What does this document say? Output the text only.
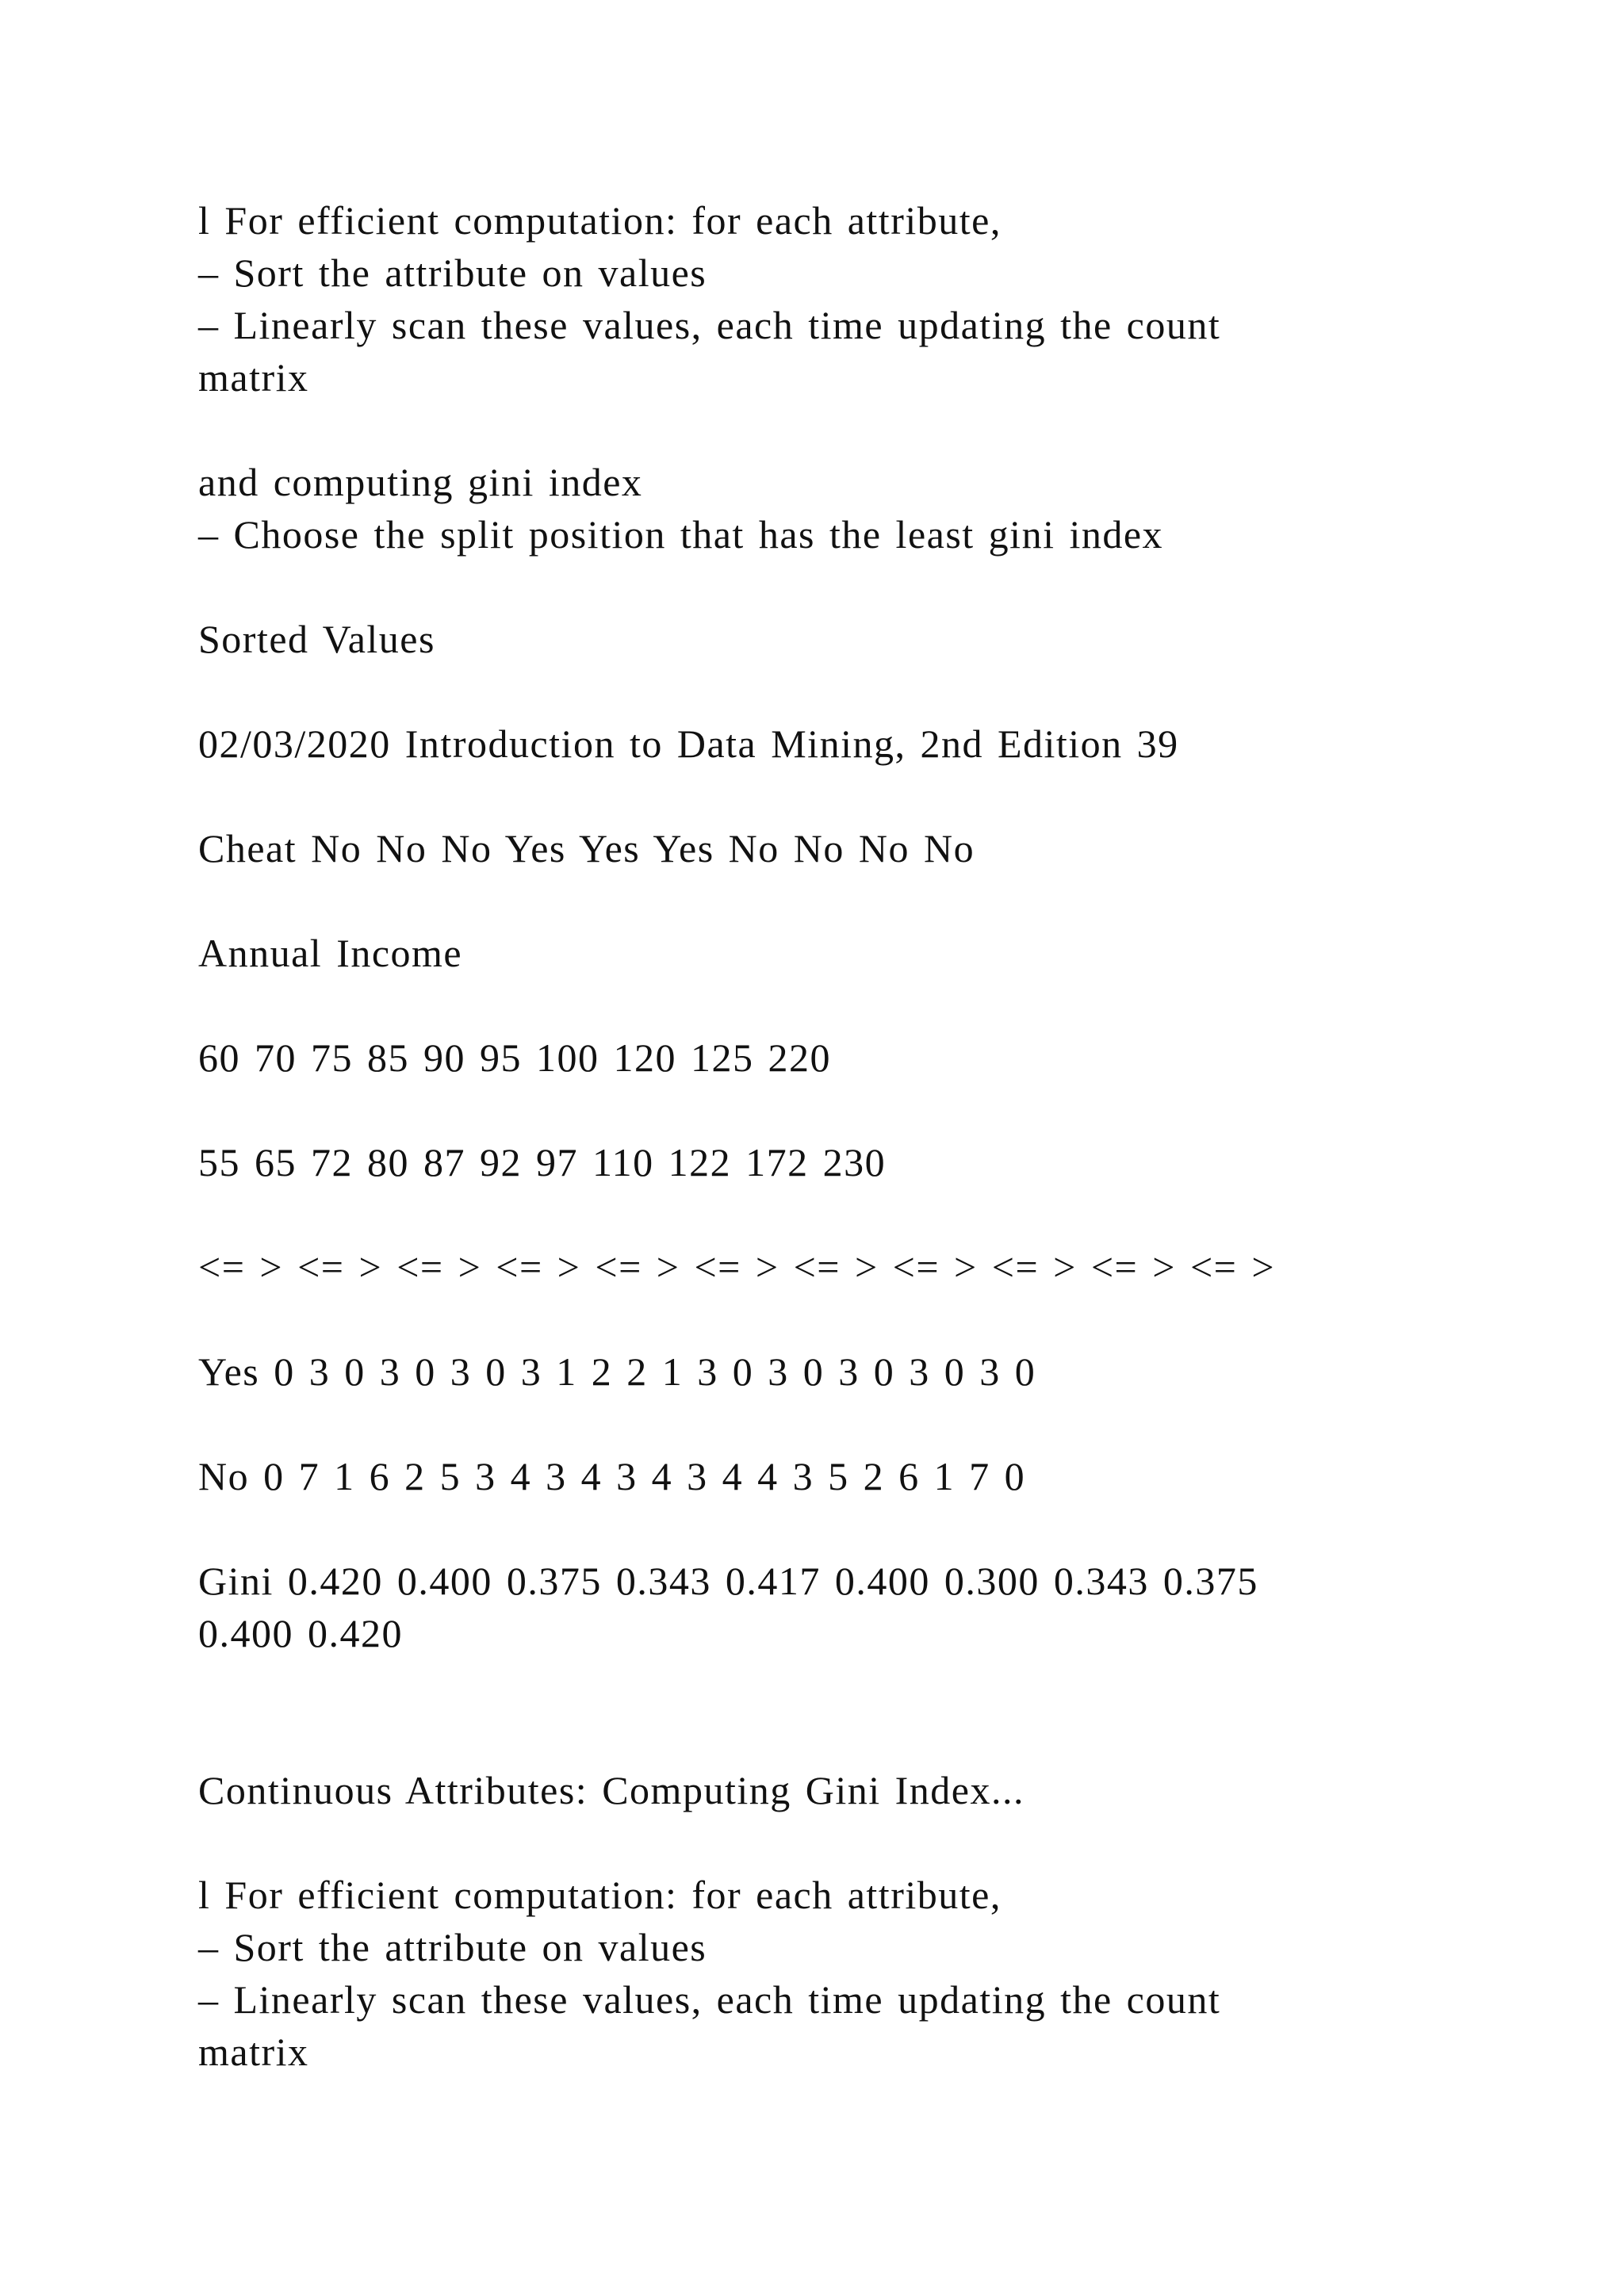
l For efficient computation: for each attribute,
– Sort the attribute on values
– Linearly scan these values, each time updating the count
matrix
and computing gini index
– Choose the split position that has the least gini index
Sorted Values
02/03/2020 Introduction to Data Mining, 2nd Edition 39
Cheat No No No Yes Yes Yes No No No No
Annual Income
60 70 75 85 90 95 100 120 125 220
55 65 72 80 87 92 97 110 122 172 230
<= > <= > <= > <= > <= > <= > <= > <= > <= > <= > <= >
Yes 0 3 0 3 0 3 0 3 1 2 2 1 3 0 3 0 3 0 3 0 3 0
No 0 7 1 6 2 5 3 4 3 4 3 4 3 4 4 3 5 2 6 1 7 0
Gini 0.420 0.400 0.375 0.343 0.417 0.400 0.300 0.343 0.375
0.400 0.420
Continuous Attributes: Computing Gini Index...
l For efficient computation: for each attribute,
– Sort the attribute on values
– Linearly scan these values, each time updating the count
matrix
